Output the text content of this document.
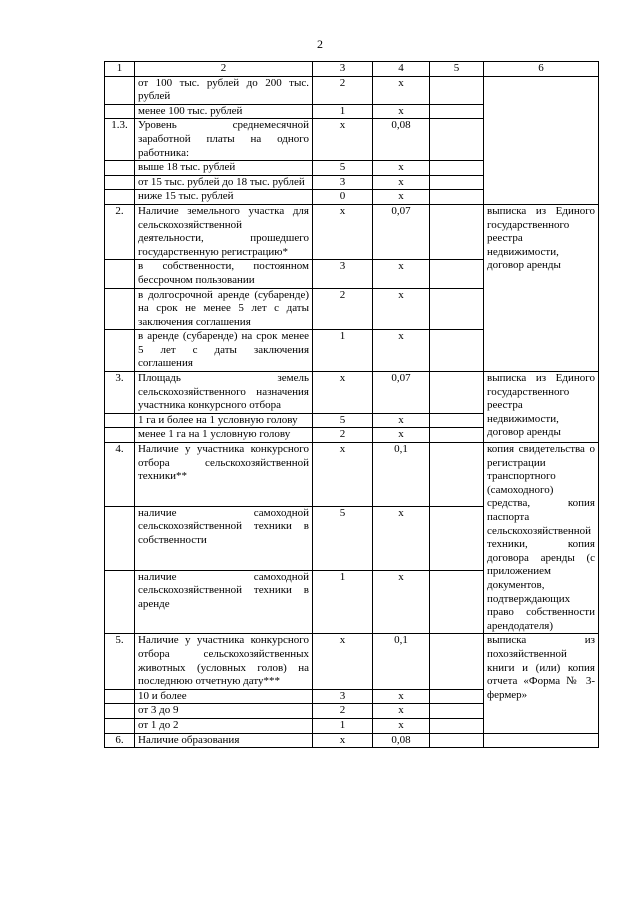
2
1	2	3	4	5	6
	от 100 тыс. рублей до 200 тыс. рублей	2	х		
	менее 100 тыс. рублей	1	х		
1.3.	Уровень среднемесячной заработной платы на одного работника:	х	0,08		
	выше 18 тыс. рублей	5	х		
	от 15 тыс. рублей до 18 тыс. рублей	3	х		
	ниже 15 тыс. рублей	0	х		
2.	Наличие земельного участка для сельскохозяйственной деятельности, прошедшего государственную регистрацию*	х	0,07		выписка из Единого государственного реестра недвижимости, договор аренды
	в собственности, постоянном бессрочном пользовании	3	х		
	в долгосрочной аренде (субаренде) на срок не менее 5 лет с даты заключения соглашения	2	х		
	в аренде (субаренде) на срок менее 5 лет с даты заключения соглашения	1	х		
3.	Площадь земель сельскохозяйственного назначения участника конкурсного отбора	х	0,07		выписка из Единого государственного реестра недвижимости, договор аренды
	1 га и более на 1 условную голову	5	х		
	менее 1 га на 1 условную голову	2	х		
4.	Наличие у участника конкурсного отбора сельскохозяйственной техники**	х	0,1		копия свидетельства о регистрации транспортного (самоходного) средства, копия паспорта сельскохозяйственной техники, копия договора аренды (с приложением документов, подтверждающих право собственности арендодателя)
	наличие самоходной сельскохозяйственной техники в собственности	5	х		
	наличие самоходной сельскохозяйственной техники в аренде	1	х		
5.	Наличие у участника конкурсного отбора сельскохозяйственных животных (условных голов) на последнюю отчетную дату***	х	0,1		выписка из похозяйственной книги и (или) копия отчета «Форма № 3-фермер»
	10 и более	3	х		
	от 3 до 9	2	х		
	от 1 до 2	1	х		
6.	Наличие образования	х	0,08		
